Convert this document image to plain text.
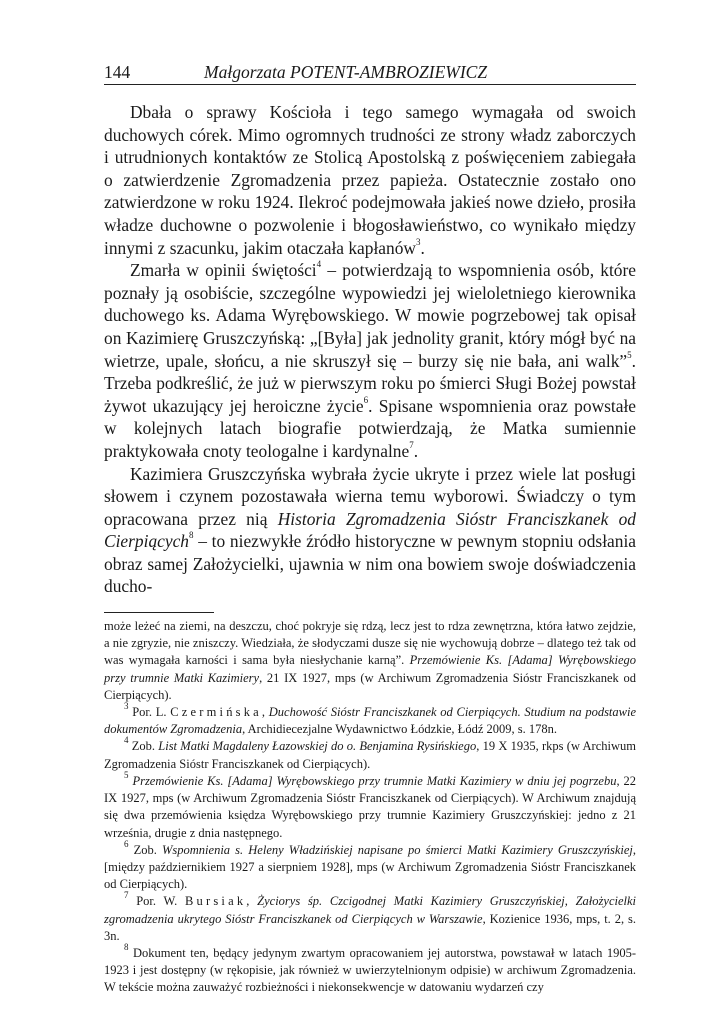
144	Małgorzata POTENT-AMBROZIEWICZ

Dbała o sprawy Kościoła i tego samego wymagała od swoich duchowych córek. Mimo ogromnych trudności ze strony władz zaborczych i utrudnionych kontaktów ze Stolicą Apostolską z poświęceniem zabiegała o zatwierdzenie Zgromadzenia przez papieża. Ostatecznie zostało ono zatwierdzone w roku 1924. Ilekroć podejmowała jakieś nowe dzieło, prosiła władze duchowne o pozwolenie i błogosławieństwo, co wynikało między innymi z szacunku, jakim otaczała kapłanów$^3$.

Zmarła w opinii świętości$^4$ – potwierdzają to wspomnienia osób, które poznały ją osobiście, szczególne wypowiedzi jej wieloletniego kierownika duchowego ks. Adama Wyrębowskiego. W mowie pogrzebowej tak opisał on Kazimierę Gruszczyńską: „[Była] jak jednolity granit, który mógł być na wietrze, upale, słońcu, a nie skruszył się – burzy się nie bała, ani walk”$^5$. Trzeba podkreślić, że już w pierwszym roku po śmierci Sługi Bożej powstał żywot ukazujący jej heroiczne życie$^6$. Spisane wspomnienia oraz powstałe w kolejnych latach biografie potwierdzają, że Matka sumiennie praktykowała cnoty teologalne i kardynalne$^7$.

Kazimiera Gruszczyńska wybrała życie ukryte i przez wiele lat posługi słowem i czynem pozostawała wierna temu wyborowi. Świadczy o tym opracowana przez nią Historia Zgromadzenia Sióstr Franciszkanek od Cierpiących$^8$ – to niezwykłe źródło historyczne w pewnym stopniu odsłania obraz samej Założycielki, ujawnia w nim ona bowiem swoje doświadczenia ducho-

może leżeć na ziemi, na deszczu, choć pokryje się rdzą, lecz jest to rdza zewnętrzna, która łatwo zejdzie, a nie zgryzie, nie zniszczy. Wiedziała, że słodyczami dusze się nie wychowują dobrze – dlatego też tak od was wymagała karności i sama była niesłychanie karną”. Przemówienie Ks. [Adama] Wyrębowskiego przy trumnie Matki Kazimiery, 21 IX 1927, mps (w Archiwum Zgromadzenia Sióstr Franciszkanek od Cierpiących).

$^3$ Por. L. Czermińska, Duchowość Sióstr Franciszkanek od Cierpiących. Studium na podstawie dokumentów Zgromadzenia, Archidiecezjalne Wydawnictwo Łódzkie, Łódź 2009, s. 178n.

$^4$ Zob. List Matki Magdaleny Łazowskiej do o. Benjamina Rysińskiego, 19 X 1935, rkps (w Archiwum Zgromadzenia Sióstr Franciszkanek od Cierpiących).

$^5$ Przemówienie Ks. [Adama] Wyrębowskiego przy trumnie Matki Kazimiery w dniu jej pogrzebu, 22 IX 1927, mps (w Archiwum Zgromadzenia Sióstr Franciszkanek od Cierpiących). W Archiwum znajdują się dwa przemówienia księdza Wyrębowskiego przy trumnie Kazimiery Gruszczyńskiej: jedno z 21 września, drugie z dnia następnego.

$^6$ Zob. Wspomnienia s. Heleny Władzińskiej napisane po śmierci Matki Kazimiery Gruszczyńskiej, [między październikiem 1927 a sierpniem 1928], mps (w Archiwum Zgromadzenia Sióstr Franciszkanek od Cierpiących).

$^7$ Por. W. Bursiak, Życiorys śp. Czcigodnej Matki Kazimiery Gruszczyńskiej, Założycielki zgromadzenia ukrytego Sióstr Franciszkanek od Cierpiących w Warszawie, Kozienice 1936, mps, t. 2, s. 3n.

$^8$ Dokument ten, będący jedynym zwartym opracowaniem jej autorstwa, powstawał w latach 1905-1923 i jest dostępny (w rękopisie, jak również w uwierzytelnionym odpisie) w archiwum Zgromadzenia. W tekście można zauważyć rozbieżności i niekonsekwencje w datowaniu wydarzeń czy
